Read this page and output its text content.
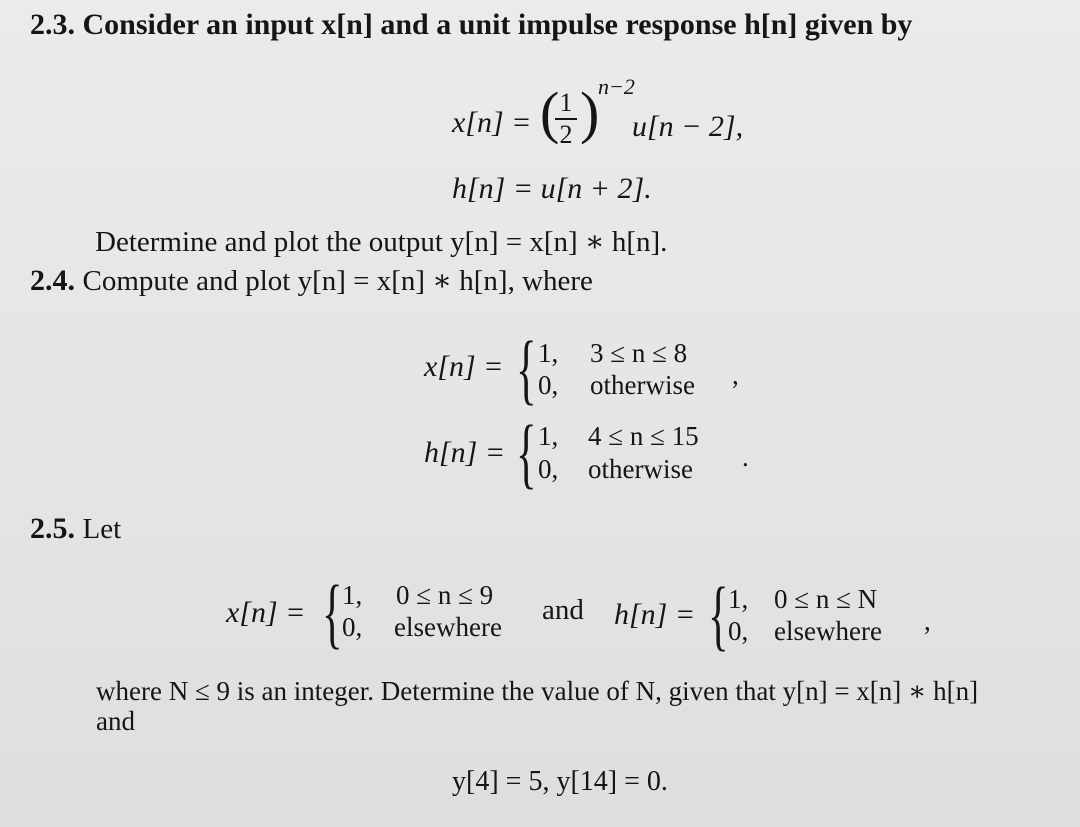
2.3. Consider an input x[n] and a unit impulse response h[n] given by
x[n] = ( 1
2 )
n−2
u[n − 2],
h[n] = u[n + 2].
Determine and plot the output y[n] = x[n] ∗ h[n].
2.4. Compute and plot y[n] = x[n] ∗ h[n], where
x[n] = { 1, 3 ≤ n ≤ 8
0, otherwise ,
h[n] = { 1, 4 ≤ n ≤ 15
0, otherwise .
2.5. Let
x[n] = { 1, 0 ≤ n ≤ 9
0, elsewhere
and h[n] = { 1, 0 ≤ n ≤ N
0, elsewhere ,
where N ≤ 9 is an integer. Determine the value of N, given that y[n] = x[n] ∗ h[n]
and
y[4] = 5, y[14] = 0.
